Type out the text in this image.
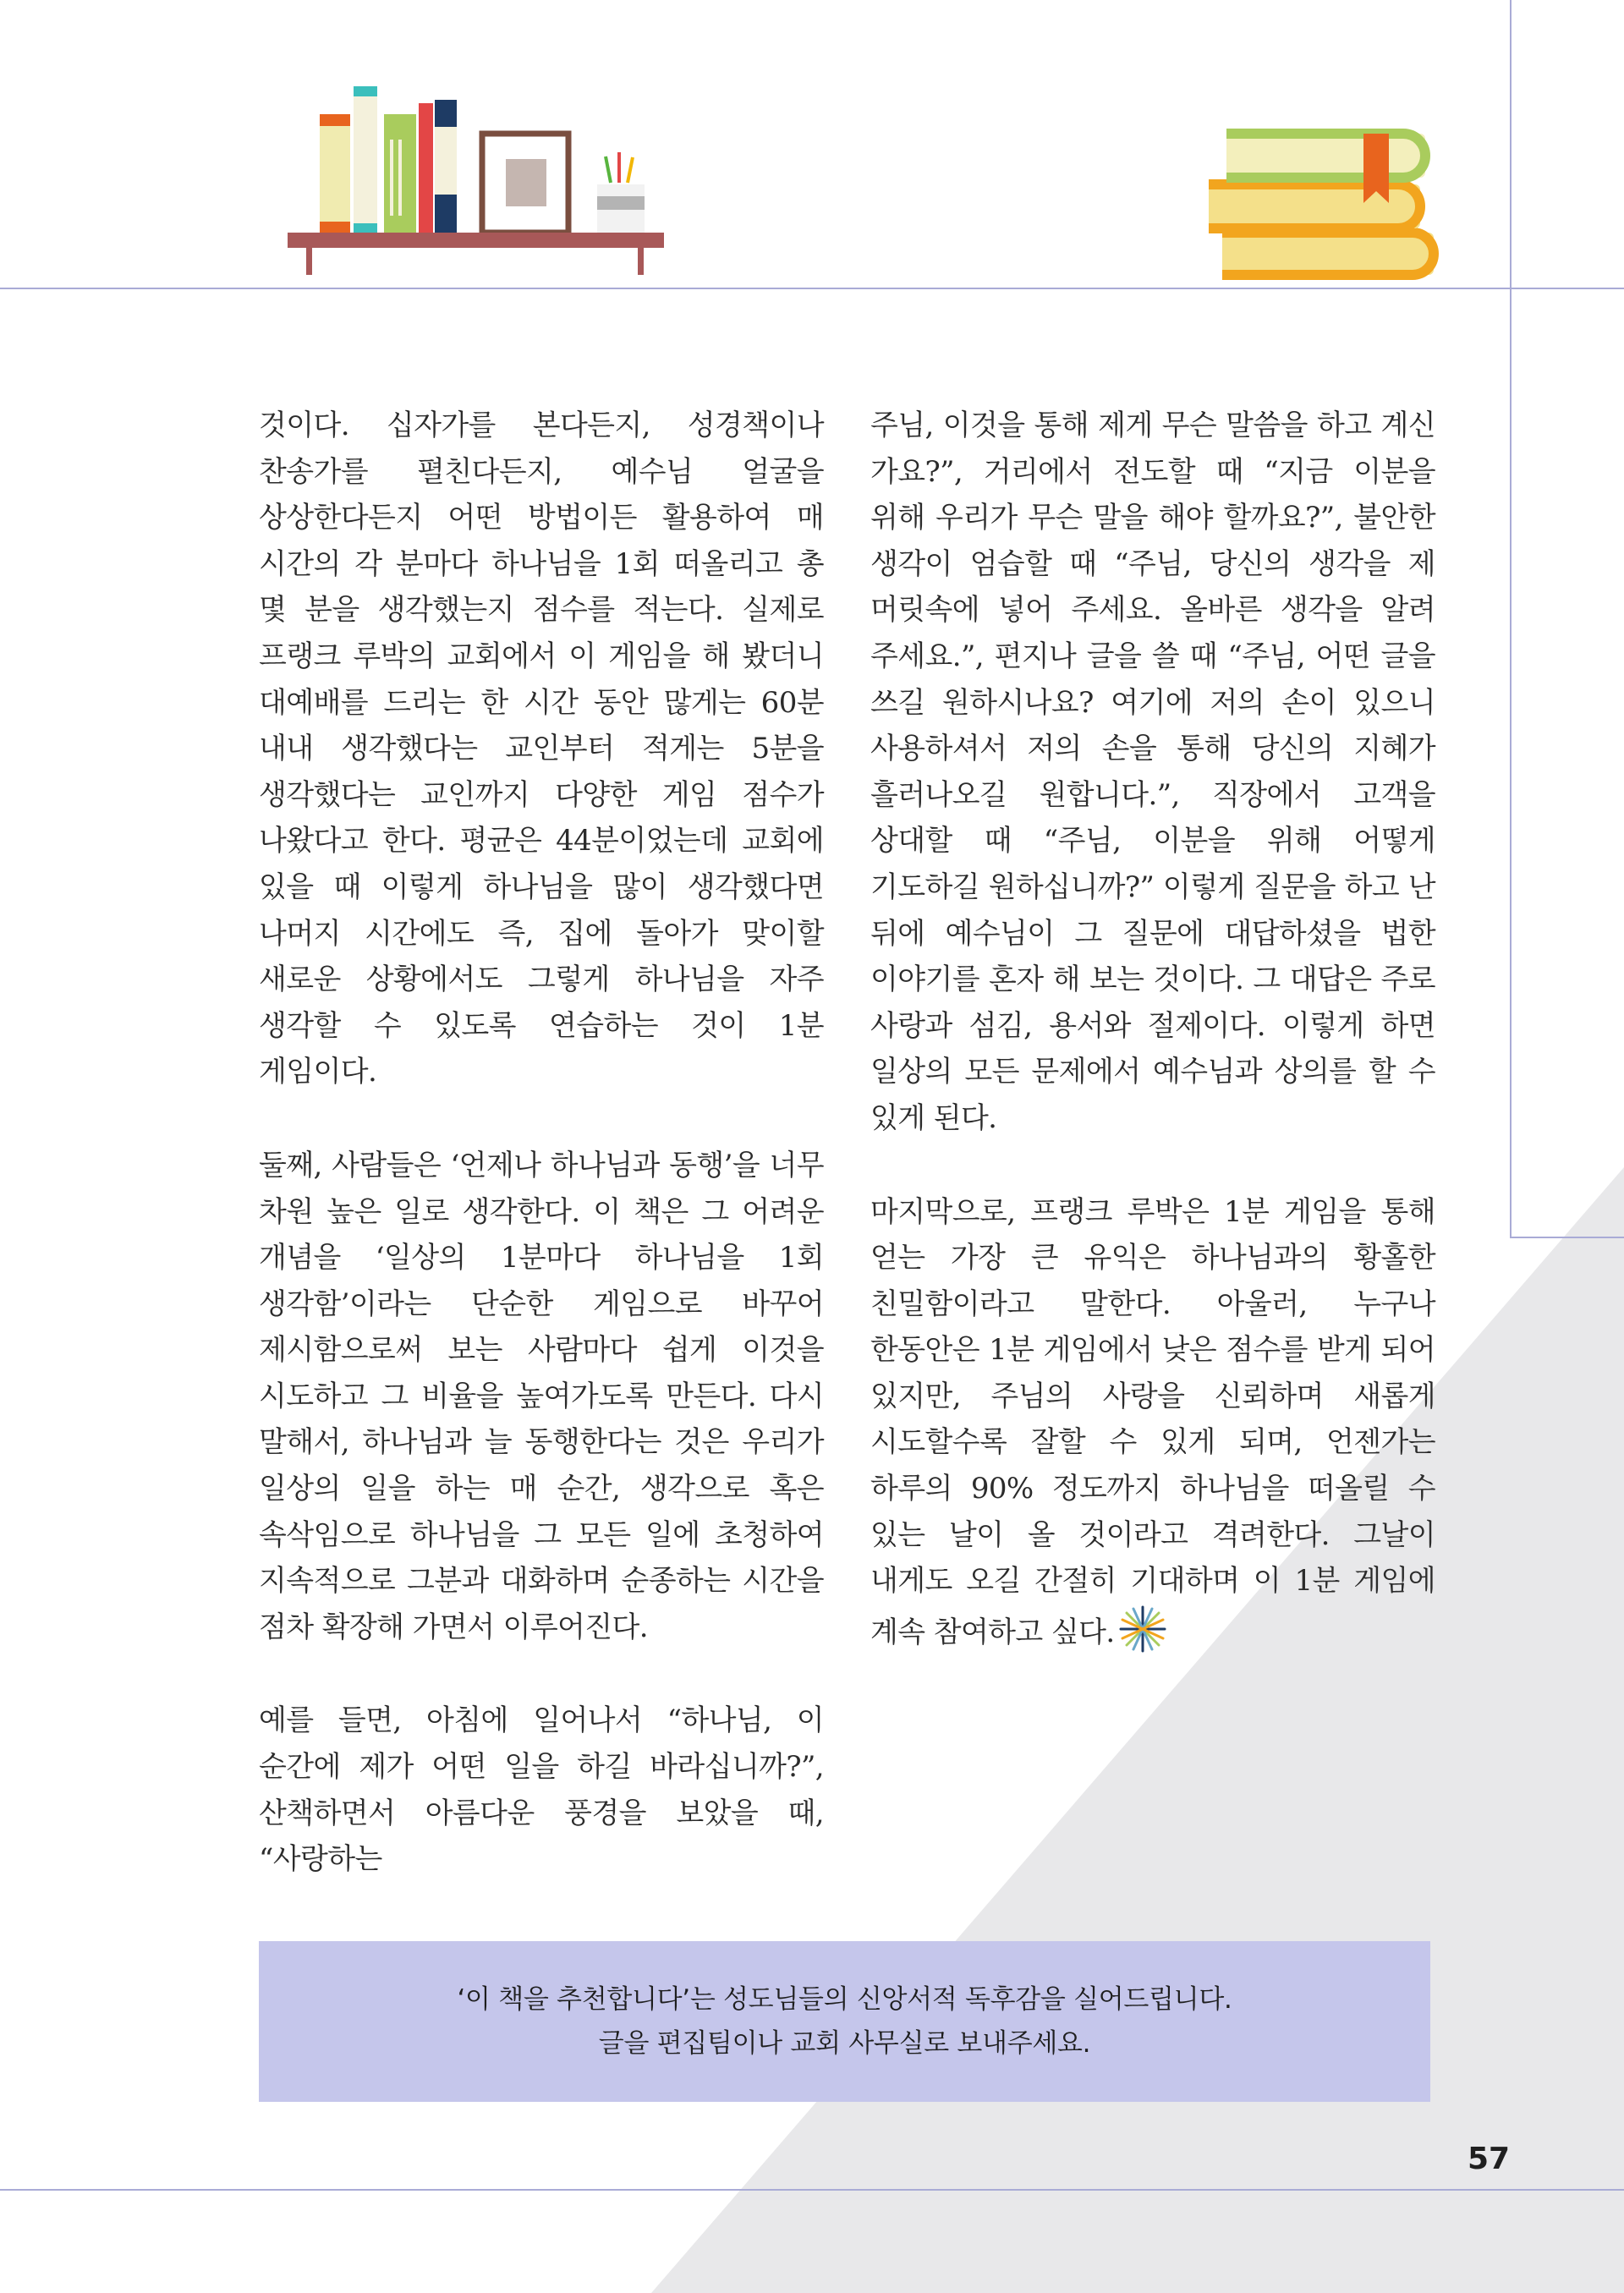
것이다. 십자가를 본다든지, 성경책이나 찬송가를 펼친다든지, 예수님 얼굴을 상상한다든지 어떤 방법이든 활용하여 매 시간의 각 분마다 하나님을 1회 떠올리고 총 몇 분을 생각했는지 점수를 적는다. 실제로 프랭크 루박의 교회에서 이 게임을 해 봤더니 대예배를 드리는 한 시간 동안 많게는 60분 내내 생각했다는 교인부터 적게는 5분을 생각했다는 교인까지 다양한 게임 점수가 나왔다고 한다. 평균은 44분이었는데 교회에 있을 때 이렇게 하나님을 많이 생각했다면 나머지 시간에도 즉, 집에 돌아가 맞이할 새로운 상황에서도 그렇게 하나님을 자주 생각할 수 있도록 연습하는 것이 1분 게임이다.

둘째, 사람들은 ‘언제나 하나님과 동행’을 너무 차원 높은 일로 생각한다. 이 책은 그 어려운 개념을 ‘일상의 1분마다 하나님을 1회 생각함’이라는 단순한 게임으로 바꾸어 제시함으로써 보는 사람마다 쉽게 이것을 시도하고 그 비율을 높여가도록 만든다. 다시 말해서, 하나님과 늘 동행한다는 것은 우리가 일상의 일을 하는 매 순간, 생각으로 혹은 속삭임으로 하나님을 그 모든 일에 초청하여 지속적으로 그분과 대화하며 순종하는 시간을 점차 확장해 가면서 이루어진다.

예를 들면, 아침에 일어나서 “하나님, 이 순간에 제가 어떤 일을 하길 바라십니까?”, 산책하면서 아름다운 풍경을 보았을 때, “사랑하는

주님, 이것을 통해 제게 무슨 말씀을 하고 계신 가요?”, 거리에서 전도할 때 “지금 이분을 위해 우리가 무슨 말을 해야 할까요?”, 불안한 생각이 엄습할 때 “주님, 당신의 생각을 제 머릿속에 넣어 주세요. 올바른 생각을 알려 주세요.”, 편지나 글을 쓸 때 “주님, 어떤 글을 쓰길 원하시나요? 여기에 저의 손이 있으니 사용하셔서 저의 손을 통해 당신의 지혜가 흘러나오길 원합니다.”, 직장에서 고객을 상대할 때 “주님, 이분을 위해 어떻게 기도하길 원하십니까?” 이렇게 질문을 하고 난 뒤에 예수님이 그 질문에 대답하셨을 법한 이야기를 혼자 해 보는 것이다. 그 대답은 주로 사랑과 섬김, 용서와 절제이다. 이렇게 하면 일상의 모든 문제에서 예수님과 상의를 할 수 있게 된다.

마지막으로, 프랭크 루박은 1분 게임을 통해 얻는 가장 큰 유익은 하나님과의 황홀한 친밀함이라고 말한다. 아울러, 누구나 한동안은 1분 게임에서 낮은 점수를 받게 되어 있지만, 주님의 사랑을 신뢰하며 새롭게 시도할수록 잘할 수 있게 되며, 언젠가는 하루의 90% 정도까지 하나님을 떠올릴 수 있는 날이 올 것이라고 격려한다. 그날이 내게도 오길 간절히 기대하며 이 1분 게임에 계속 참여하고 싶다.

‘이 책을 추천합니다’는 성도님들의 신앙서적 독후감을 실어드립니다.
글을 편집팀이나 교회 사무실로 보내주세요.
57
